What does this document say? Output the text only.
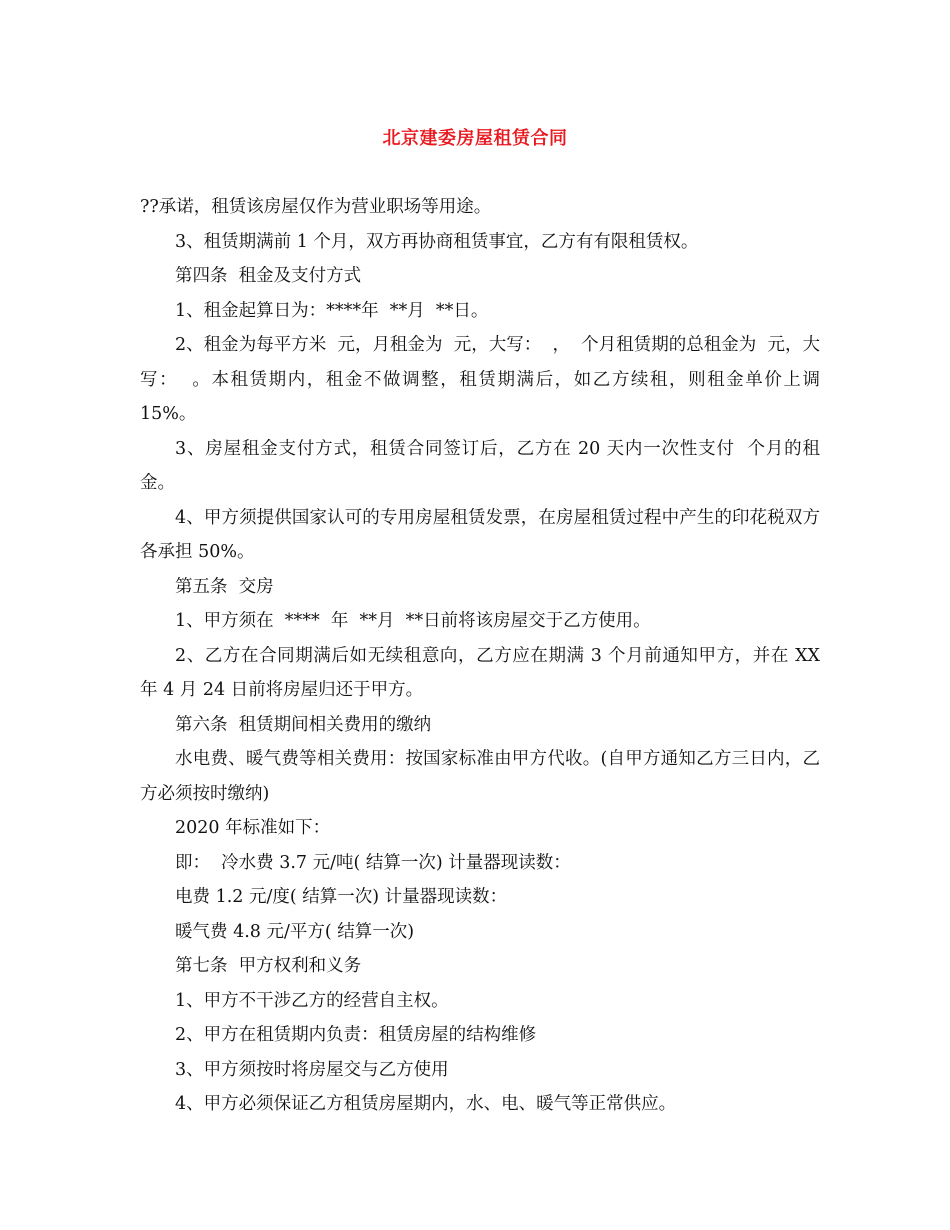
北京建委房屋租赁合同

??承诺，租赁该房屋仅作为营业职场等用途。

3、租赁期满前 1 个月，双方再协商租赁事宜，乙方有有限租赁权。

第四条  租金及支付方式

1、租金起算日为：****年  **月  **日。

2、租金为每平方米  元，月租金为  元，大写：  ，  个月租赁期的总租金为  元，大写：  。本租赁期内，租金不做调整，租赁期满后，如乙方续租，则租金单价上调 15%。

3、房屋租金支付方式，租赁合同签订后，乙方在 20 天内一次性支付  个月的租金。

4、甲方须提供国家认可的专用房屋租赁发票，在房屋租赁过程中产生的印花税双方各承担 50%。

第五条  交房

1、甲方须在  ****  年  **月  **日前将该房屋交于乙方使用。

2、乙方在合同期满后如无续租意向，乙方应在期满 3 个月前通知甲方，并在 XX 年 4 月 24 日前将房屋归还于甲方。

第六条  租赁期间相关费用的缴纳

水电费、暖气费等相关费用：按国家标准由甲方代收。(自甲方通知乙方三日内，乙方必须按时缴纳)

2020 年标准如下：

即：  冷水费 3.7 元/吨( 结算一次) 计量器现读数：

电费 1.2 元/度( 结算一次) 计量器现读数：

暖气费 4.8 元/平方( 结算一次)

第七条  甲方权利和义务

1、甲方不干涉乙方的经营自主权。

2、甲方在租赁期内负责：租赁房屋的结构维修

3、甲方须按时将房屋交与乙方使用

4、甲方必须保证乙方租赁房屋期内，水、电、暖气等正常供应。
